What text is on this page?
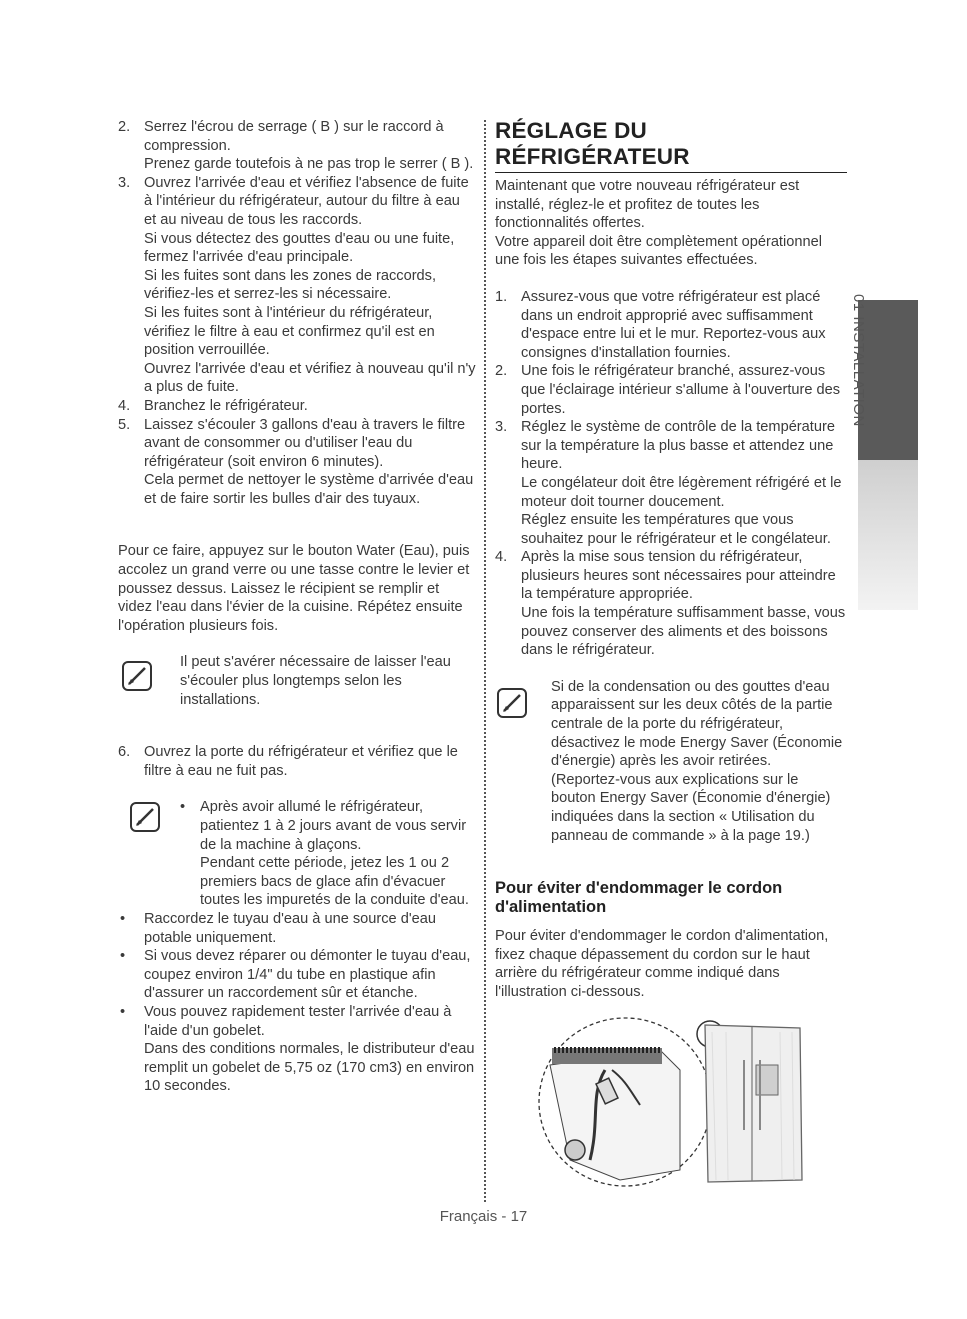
2. Serrez l'écrou de serrage ( B ) sur le raccord à compression.
Prenez garde toutefois à ne pas trop le serrer ( B ).
3. Ouvrez l'arrivée d'eau et vérifiez l'absence de fuite à l'intérieur du réfrigérateur, autour du filtre à eau et au niveau de tous les raccords.
Si vous détectez des gouttes d'eau ou une fuite, fermez l'arrivée d'eau principale.
Si les fuites sont dans les zones de raccords, vérifiez-les et serrez-les si nécessaire.
Si les fuites sont à l'intérieur du réfrigérateur, vérifiez le filtre à eau et confirmez qu'il est en position verrouillée.
Ouvrez l'arrivée d'eau et vérifiez à nouveau qu'il n'y a plus de fuite.
4. Branchez le réfrigérateur.
5. Laissez s'écouler 3 gallons d'eau à travers le filtre avant de consommer ou d'utiliser l'eau du réfrigérateur (soit environ 6 minutes).
Cela permet de nettoyer le système d'arrivée d'eau et de faire sortir les bulles d'air des tuyaux.
Pour ce faire, appuyez sur le bouton Water (Eau), puis accolez un grand verre ou une tasse contre le levier et poussez dessus. Laissez le récipient se remplir et videz l'eau dans l'évier de la cuisine. Répétez ensuite l'opération plusieurs fois.
Il peut s'avérer nécessaire de laisser l'eau s'écouler plus longtemps selon les installations.
6. Ouvrez la porte du réfrigérateur et vérifiez que le filtre à eau ne fuit pas.
• Après avoir allumé le réfrigérateur, patientez 1 à 2 jours avant de vous servir de la machine à glaçons.
Pendant cette période, jetez les 1 ou 2 premiers bacs de glace afin d'évacuer toutes les impuretés de la conduite d'eau.
• Raccordez le tuyau d'eau à une source d'eau potable uniquement.
• Si vous devez réparer ou démonter le tuyau d'eau, coupez environ 1/4" du tube en plastique afin d'assurer un raccordement sûr et étanche.
• Vous pouvez rapidement tester l'arrivée d'eau à l'aide d'un gobelet.
Dans des conditions normales, le distributeur d'eau remplit un gobelet de 5,75 oz (170 cm3) en environ 10 secondes.
RÉGLAGE DU RÉFRIGÉRATEUR
Maintenant que votre nouveau réfrigérateur est installé, réglez-le et profitez de toutes les fonctionnalités offertes.
Votre appareil doit être complètement opérationnel une fois les étapes suivantes effectuées.
1. Assurez-vous que votre réfrigérateur est placé dans un endroit approprié avec suffisamment d'espace entre lui et le mur. Reportez-vous aux consignes d'installation fournies.
2. Une fois le réfrigérateur branché, assurez-vous que l'éclairage intérieur s'allume à l'ouverture des portes.
3. Réglez le système de contrôle de la température sur la température la plus basse et attendez une heure.
Le congélateur doit être légèrement réfrigéré et le moteur doit tourner doucement.
Réglez ensuite les températures que vous souhaitez pour le réfrigérateur et le congélateur.
4. Après la mise sous tension du réfrigérateur, plusieurs heures sont nécessaires pour atteindre la température appropriée.
Une fois la température suffisamment basse, vous pouvez conserver des aliments et des boissons dans le réfrigérateur.
Si de la condensation ou des gouttes d'eau apparaissent sur les deux côtés de la partie centrale de la porte du réfrigérateur, désactivez le mode Energy Saver (Économie d'énergie) après les avoir retirées.
(Reportez-vous aux explications sur le bouton Energy Saver (Économie d'énergie) indiquées dans la section « Utilisation du panneau de commande » à la page 19.)
Pour éviter d'endommager le cordon d'alimentation
Pour éviter d'endommager le cordon d'alimentation, fixez chaque dépassement du cordon sur le haut arrière du réfrigérateur comme indiqué dans l'illustration ci-dessous.
01 INSTALLATION
Français - 17
